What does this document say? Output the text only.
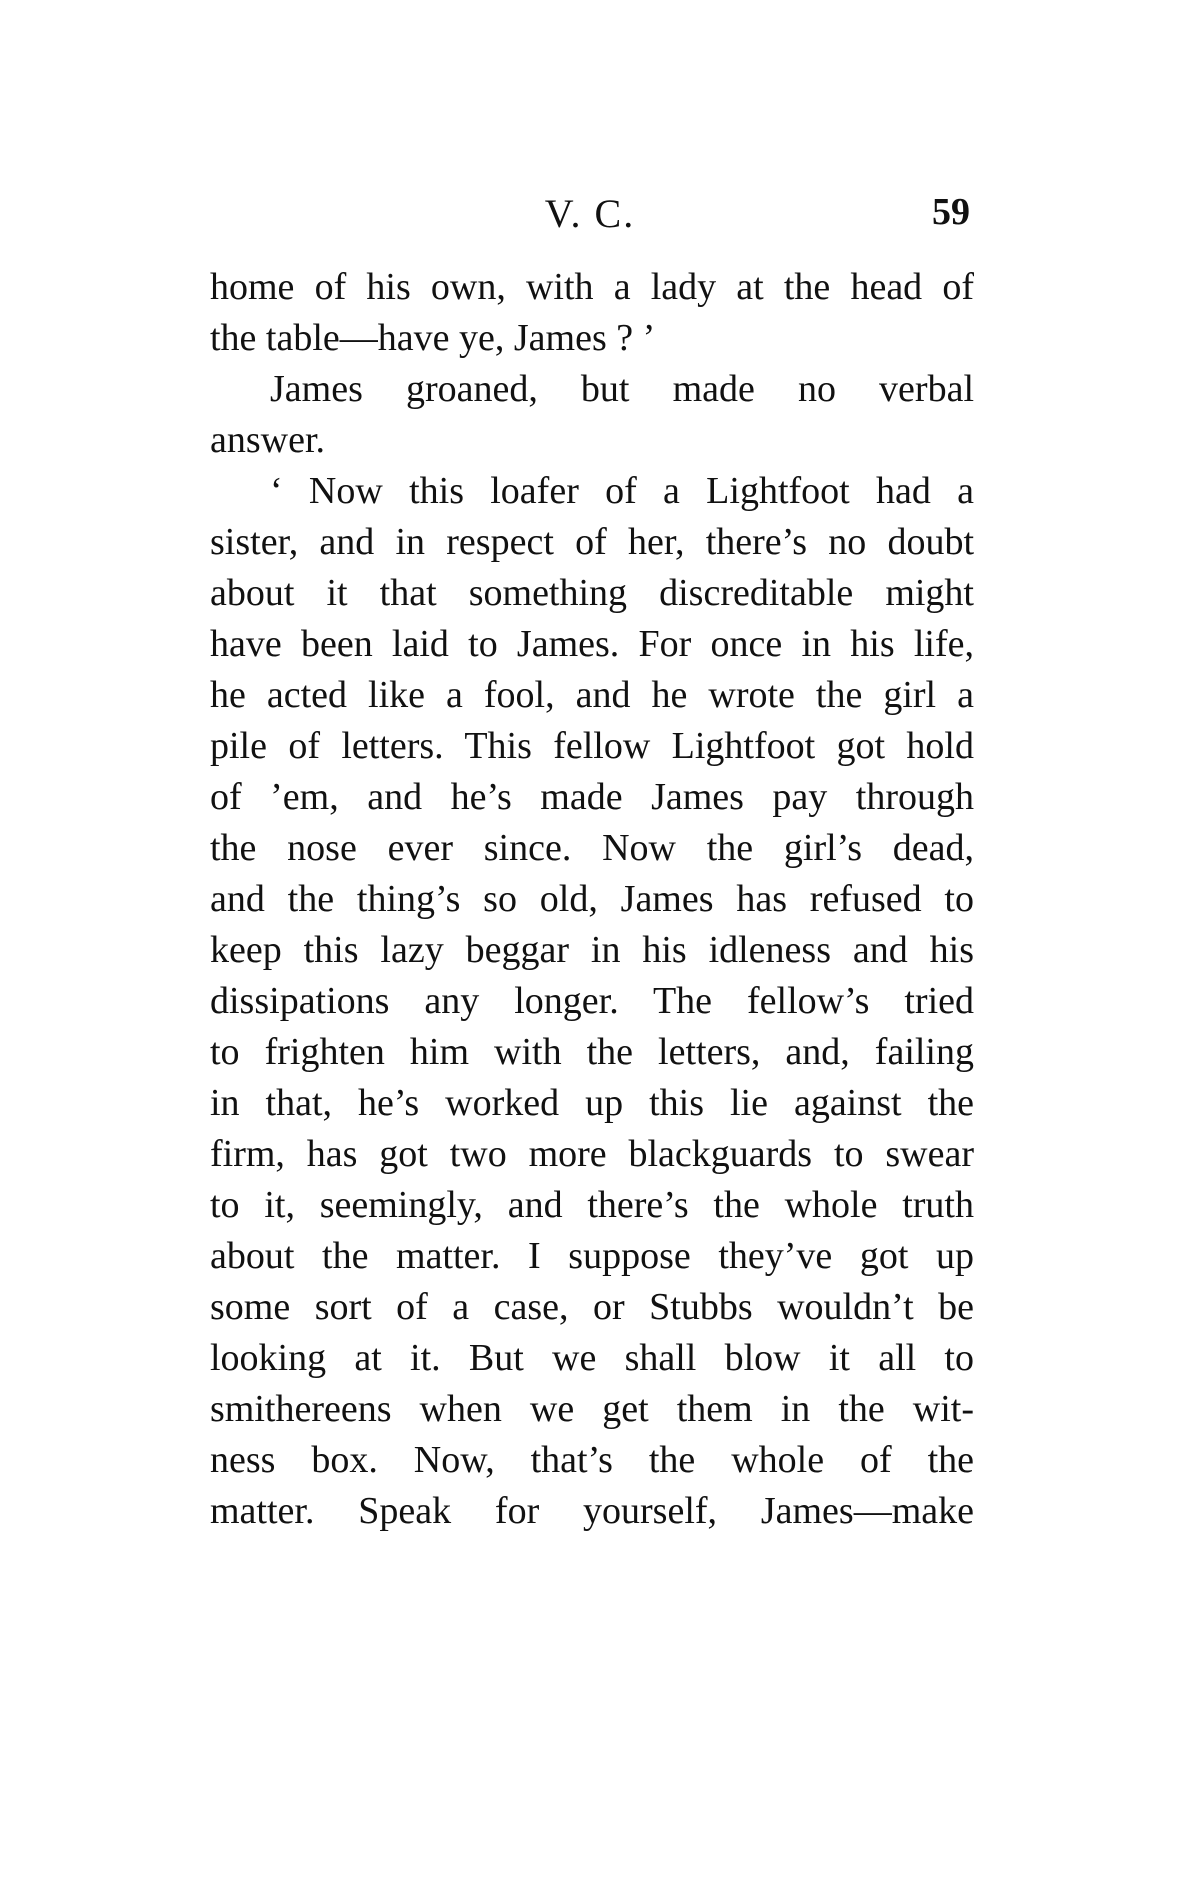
V. C.	59
home of his own, with a lady at the head of
the table—have ye, James ? ’
James groaned, but made no verbal
answer.
‘ Now this loafer of a Lightfoot had a
sister, and in respect of her, there’s no doubt
about it that something discreditable might
have been laid to James. For once in his life,
he acted like a fool, and he wrote the girl a
pile of letters. This fellow Lightfoot got hold
of ’em, and he’s made James pay through
the nose ever since. Now the girl’s dead,
and the thing’s so old, James has refused to
keep this lazy beggar in his idleness and his
dissipations any longer. The fellow’s tried
to frighten him with the letters, and, failing
in that, he’s worked up this lie against the
firm, has got two more blackguards to swear
to it, seemingly, and there’s the whole truth
about the matter. I suppose they’ve got up
some sort of a case, or Stubbs wouldn’t be
looking at it. But we shall blow it all to
smithereens when we get them in the wit-
ness box. Now, that’s the whole of the
matter. Speak for yourself, James—make
